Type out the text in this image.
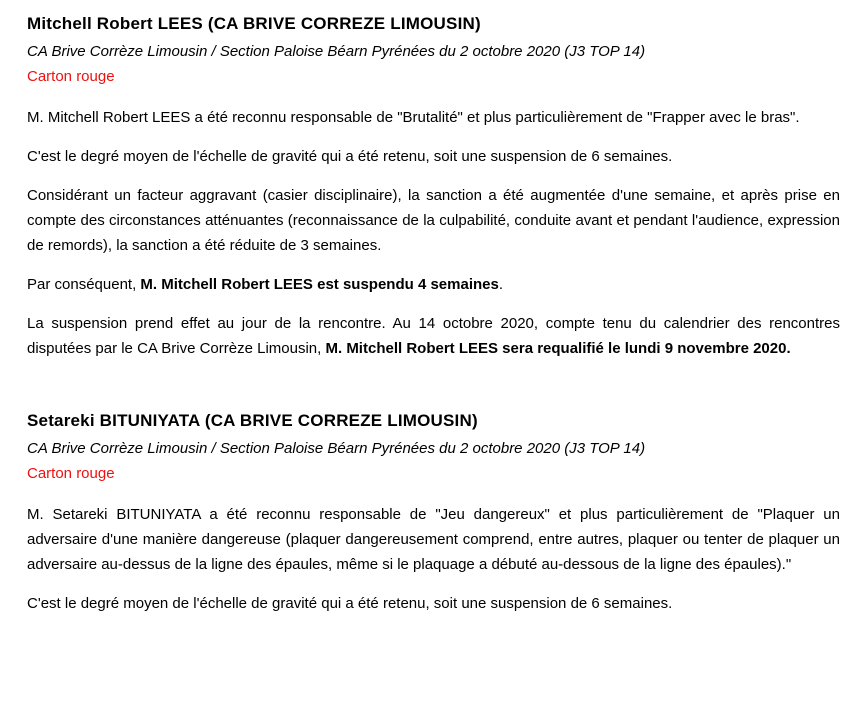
Mitchell Robert LEES (CA BRIVE CORREZE LIMOUSIN)

CA Brive Corrèze Limousin / Section Paloise Béarn Pyrénées du 2 octobre 2020 (J3 TOP 14)

Carton rouge

M. Mitchell Robert LEES a été reconnu responsable de "Brutalité" et plus particulièrement de "Frapper avec le bras".

C'est le degré moyen de l'échelle de gravité qui a été retenu, soit une suspension de 6 semaines.

Considérant un facteur aggravant (casier disciplinaire), la sanction a été augmentée d'une semaine, et après prise en compte des circonstances atténuantes (reconnaissance de la culpabilité, conduite avant et pendant l'audience, expression de remords), la sanction a été réduite de 3 semaines.

Par conséquent, M. Mitchell Robert LEES est suspendu 4 semaines.

La suspension prend effet au jour de la rencontre. Au 14 octobre 2020, compte tenu du calendrier des rencontres disputées par le CA Brive Corrèze Limousin, M. Mitchell Robert LEES sera requalifié le lundi 9 novembre 2020.

Setareki BITUNIYATA (CA BRIVE CORREZE LIMOUSIN)

CA Brive Corrèze Limousin / Section Paloise Béarn Pyrénées du 2 octobre 2020 (J3 TOP 14)

Carton rouge

M. Setareki BITUNIYATA a été reconnu responsable de "Jeu dangereux" et plus particulièrement de "Plaquer un adversaire d'une manière dangereuse (plaquer dangereusement comprend, entre autres, plaquer ou tenter de plaquer un adversaire au-dessus de la ligne des épaules, même si le plaquage a débuté au-dessous de la ligne des épaules)."

C'est le degré moyen de l'échelle de gravité qui a été retenu, soit une suspension de 6 semaines.
